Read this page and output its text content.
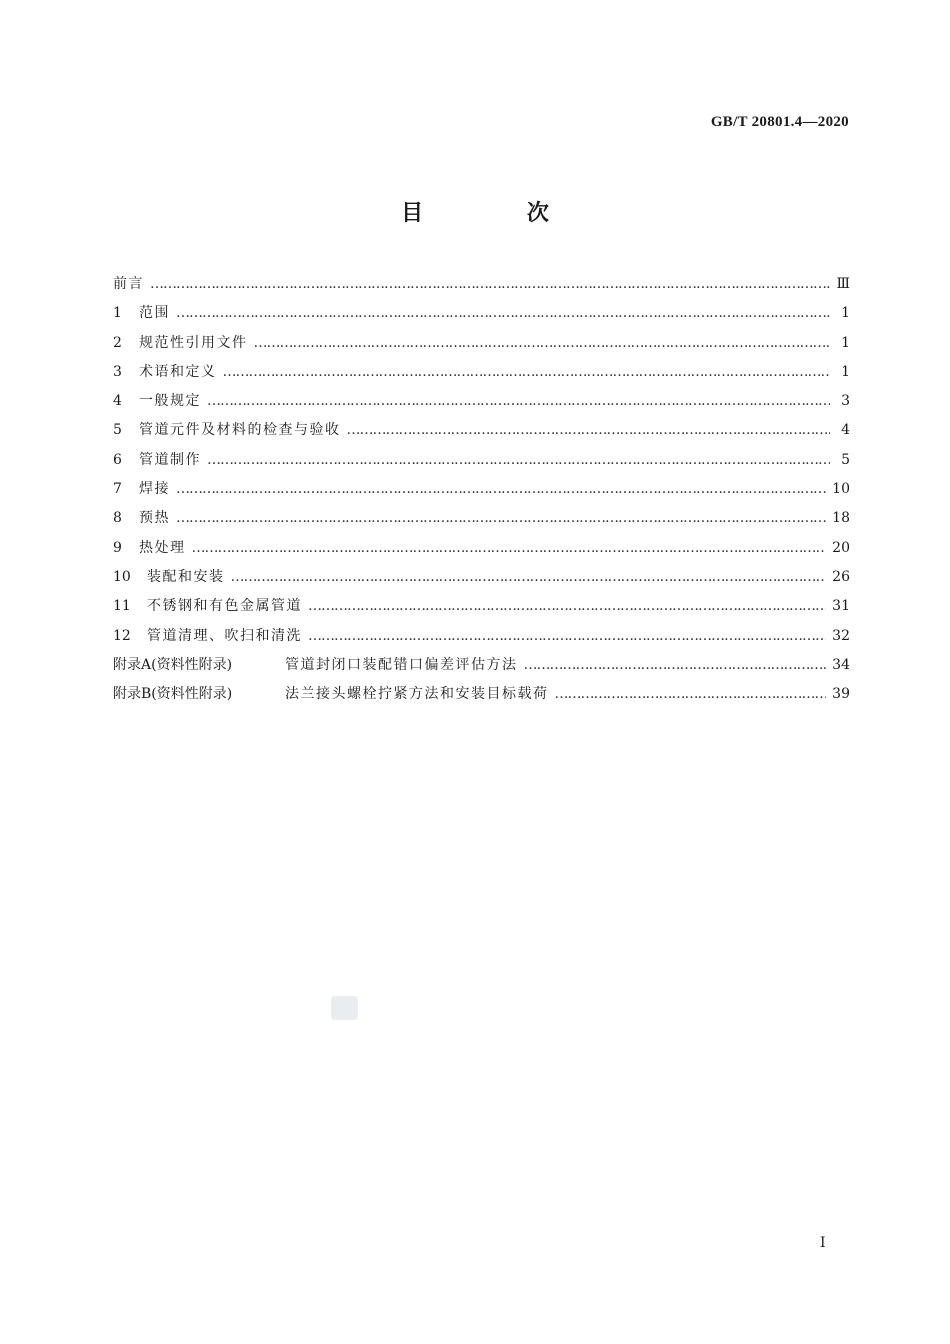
GB/T 20801.4—2020
目 次
前言 …………………………………………………………………………………………………………………………………………………………………………………………………………………………	Ⅲ
1	范围 …………………………………………………………………………………………………………………………………………………………………………………………………………………………	1
2	规范性引用文件 …………………………………………………………………………………………………………………………………………………………………………………………………………………………	1
3	术语和定义 …………………………………………………………………………………………………………………………………………………………………………………………………………………………	1
4	一般规定 …………………………………………………………………………………………………………………………………………………………………………………………………………………………	3
5	管道元件及材料的检查与验收 …………………………………………………………………………………………………………………………………………………………………………………………………………………………	4
6	管道制作 …………………………………………………………………………………………………………………………………………………………………………………………………………………………	5
7	焊接 …………………………………………………………………………………………………………………………………………………………………………………………………………………………	10
8	预热 …………………………………………………………………………………………………………………………………………………………………………………………………………………………	18
9	热处理 …………………………………………………………………………………………………………………………………………………………………………………………………………………………	20
10	装配和安装 …………………………………………………………………………………………………………………………………………………………………………………………………………………………	26
11	不锈钢和有色金属管道 …………………………………………………………………………………………………………………………………………………………………………………………………………………………	31
12	管道清理、吹扫和清洗 …………………………………………………………………………………………………………………………………………………………………………………………………………………………	32
附录A(资料性附录)	管道封闭口装配错口偏差评估方法 …………………………………………………………………………………………………………………………………………………………………………………………………………………………	34
附录B(资料性附录)	法兰接头螺栓拧紧方法和安装目标载荷 …………………………………………………………………………………………………………………………………………………………………………………………………………………………	39
Ⅰ
